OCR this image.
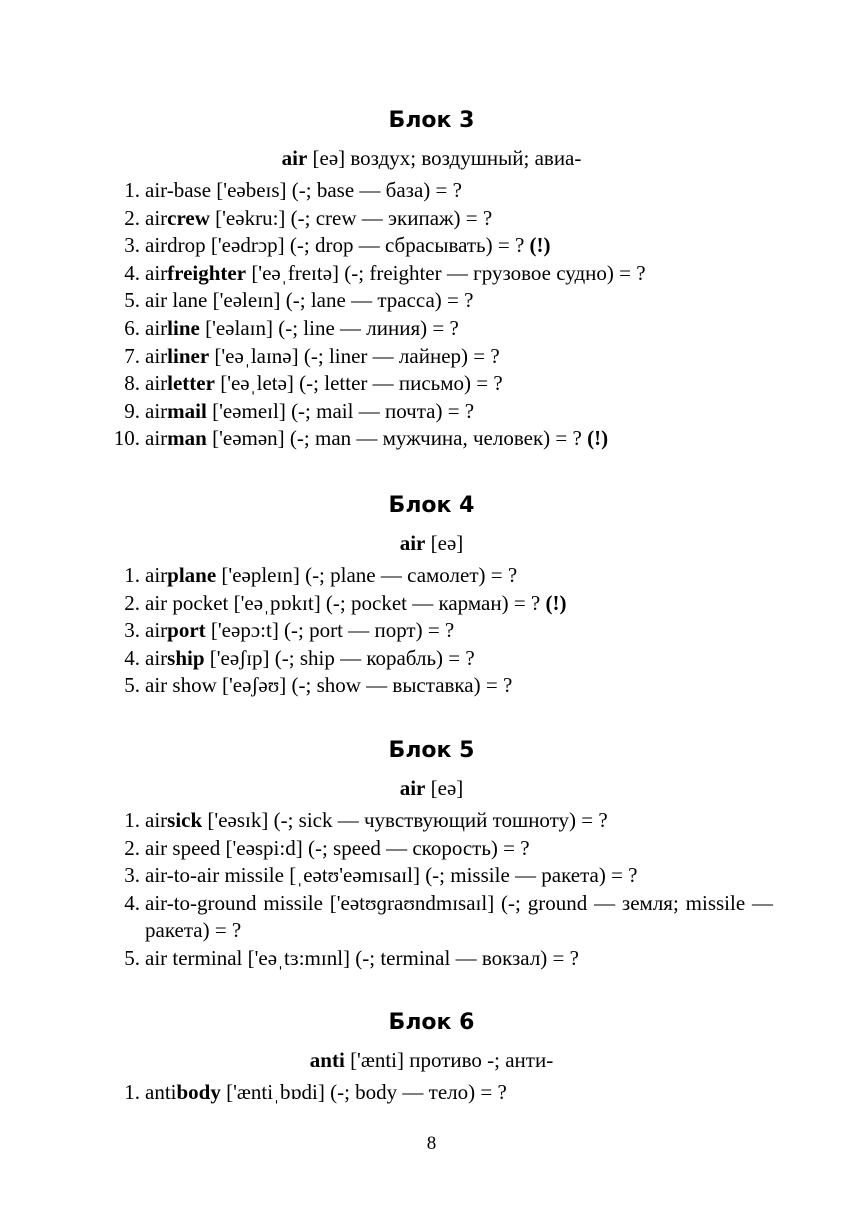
Блок 3
air [eə] воздух; воздушный; авиа-
1. air-base ['eəbeɪs] (-; base — база) = ?
2. aircrew ['eəkru:] (-; crew — экипаж) = ?
3. airdrop ['eədrɔp] (-; drop — сбрасывать) = ? (!)
4. airfreighter ['eəˌfreɪtə] (-; freighter — грузовое судно) = ?
5. air lane ['eəleɪn] (-; lane — трасса) = ?
6. airline ['eəlaɪn] (-; line — линия) = ?
7. airliner ['eəˌlaɪnə] (-; liner — лайнер) = ?
8. airletter ['eəˌletə] (-; letter — письмо) = ?
9. airmail ['eəmeɪl] (-; mail — почта) = ?
10. airman ['eəmən] (-; man — мужчина, человек) = ? (!)
Блок 4
air [eə]
1. airplane ['eəpleɪn] (-; plane — самолет) = ?
2. air pocket ['eəˌpɒkɪt] (-; pocket — карман) = ? (!)
3. airport ['eəpɔ:t] (-; port — порт) = ?
4. airship ['eəʃɪp] (-; ship — корабль) = ?
5. air show ['eəʃəʊ] (-; show — выставка) = ?
Блок 5
air [eə]
1. airsick ['eəsɪk] (-; sick — чувствующий тошноту) = ?
2. air speed ['eəspi:d] (-; speed — скорость) = ?
3. air-to-air missile [ˌeətʊ'eəmɪsaɪl] (-; missile — ракета) = ?
4. air-to-ground missile ['eətʊɡraʊndmɪsaɪl] (-; ground — земля; missile — ракета) = ?
5. air terminal ['eəˌtɜ:mɪnl] (-; terminal — вокзал) = ?
Блок 6
anti ['ænti] противо -; анти-
1. antibody ['æntiˌbɒdi] (-; body — тело) = ?
8
